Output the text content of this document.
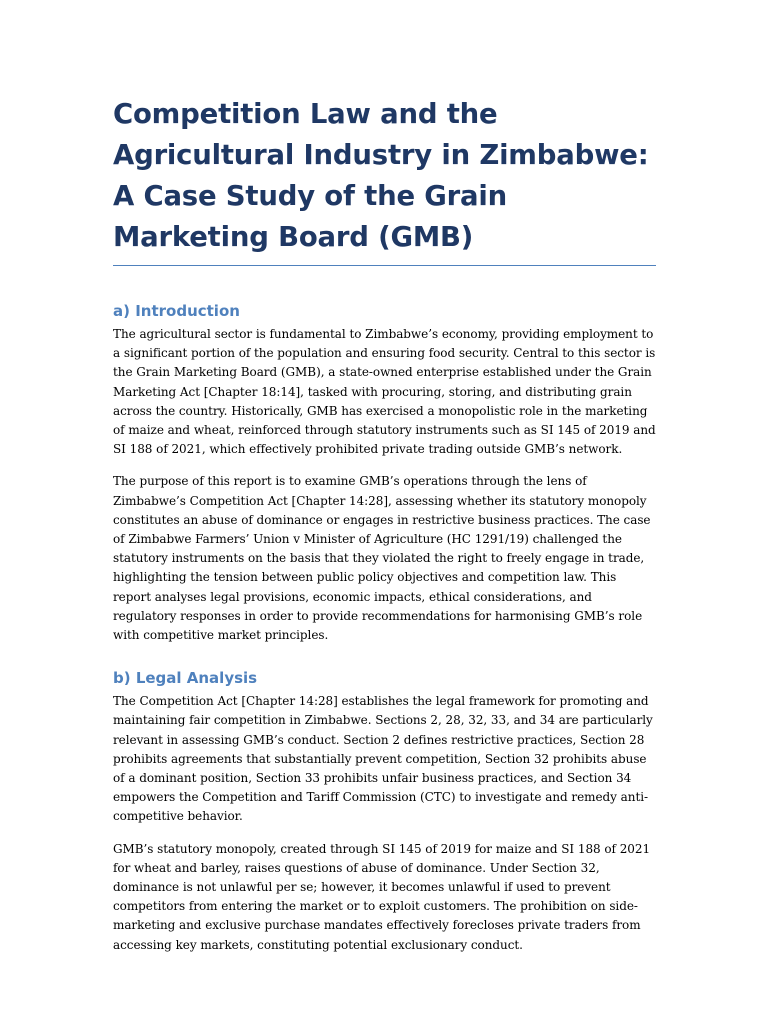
Competition Law and the Agricultural Industry in Zimbabwe: A Case Study of the Grain Marketing Board (GMB)
a) Introduction

The agricultural sector is fundamental to Zimbabwe’s economy, providing employment to a significant portion of the population and ensuring food security. Central to this sector is the Grain Marketing Board (GMB), a state-owned enterprise established under the Grain Marketing Act [Chapter 18:14], tasked with procuring, storing, and distributing grain across the country. Historically, GMB has exercised a monopolistic role in the marketing of maize and wheat, reinforced through statutory instruments such as SI 145 of 2019 and SI 188 of 2021, which effectively prohibited private trading outside GMB’s network.

The purpose of this report is to examine GMB’s operations through the lens of Zimbabwe’s Competition Act [Chapter 14:28], assessing whether its statutory monopoly constitutes an abuse of dominance or engages in restrictive business practices. The case of Zimbabwe Farmers’ Union v Minister of Agriculture (HC 1291/19) challenged the statutory instruments on the basis that they violated the right to freely engage in trade, highlighting the tension between public policy objectives and competition law. This report analyses legal provisions, economic impacts, ethical considerations, and regulatory responses in order to provide recommendations for harmonising GMB’s role with competitive market principles.

b) Legal Analysis

The Competition Act [Chapter 14:28] establishes the legal framework for promoting and maintaining fair competition in Zimbabwe. Sections 2, 28, 32, 33, and 34 are particularly relevant in assessing GMB’s conduct. Section 2 defines restrictive practices, Section 28 prohibits agreements that substantially prevent competition, Section 32 prohibits abuse of a dominant position, Section 33 prohibits unfair business practices, and Section 34 empowers the Competition and Tariff Commission (CTC) to investigate and remedy anti-competitive behavior.

GMB’s statutory monopoly, created through SI 145 of 2019 for maize and SI 188 of 2021 for wheat and barley, raises questions of abuse of dominance. Under Section 32, dominance is not unlawful per se; however, it becomes unlawful if used to prevent competitors from entering the market or to exploit customers. The prohibition on side-marketing and exclusive purchase mandates effectively forecloses private traders from accessing key markets, constituting potential exclusionary conduct.
